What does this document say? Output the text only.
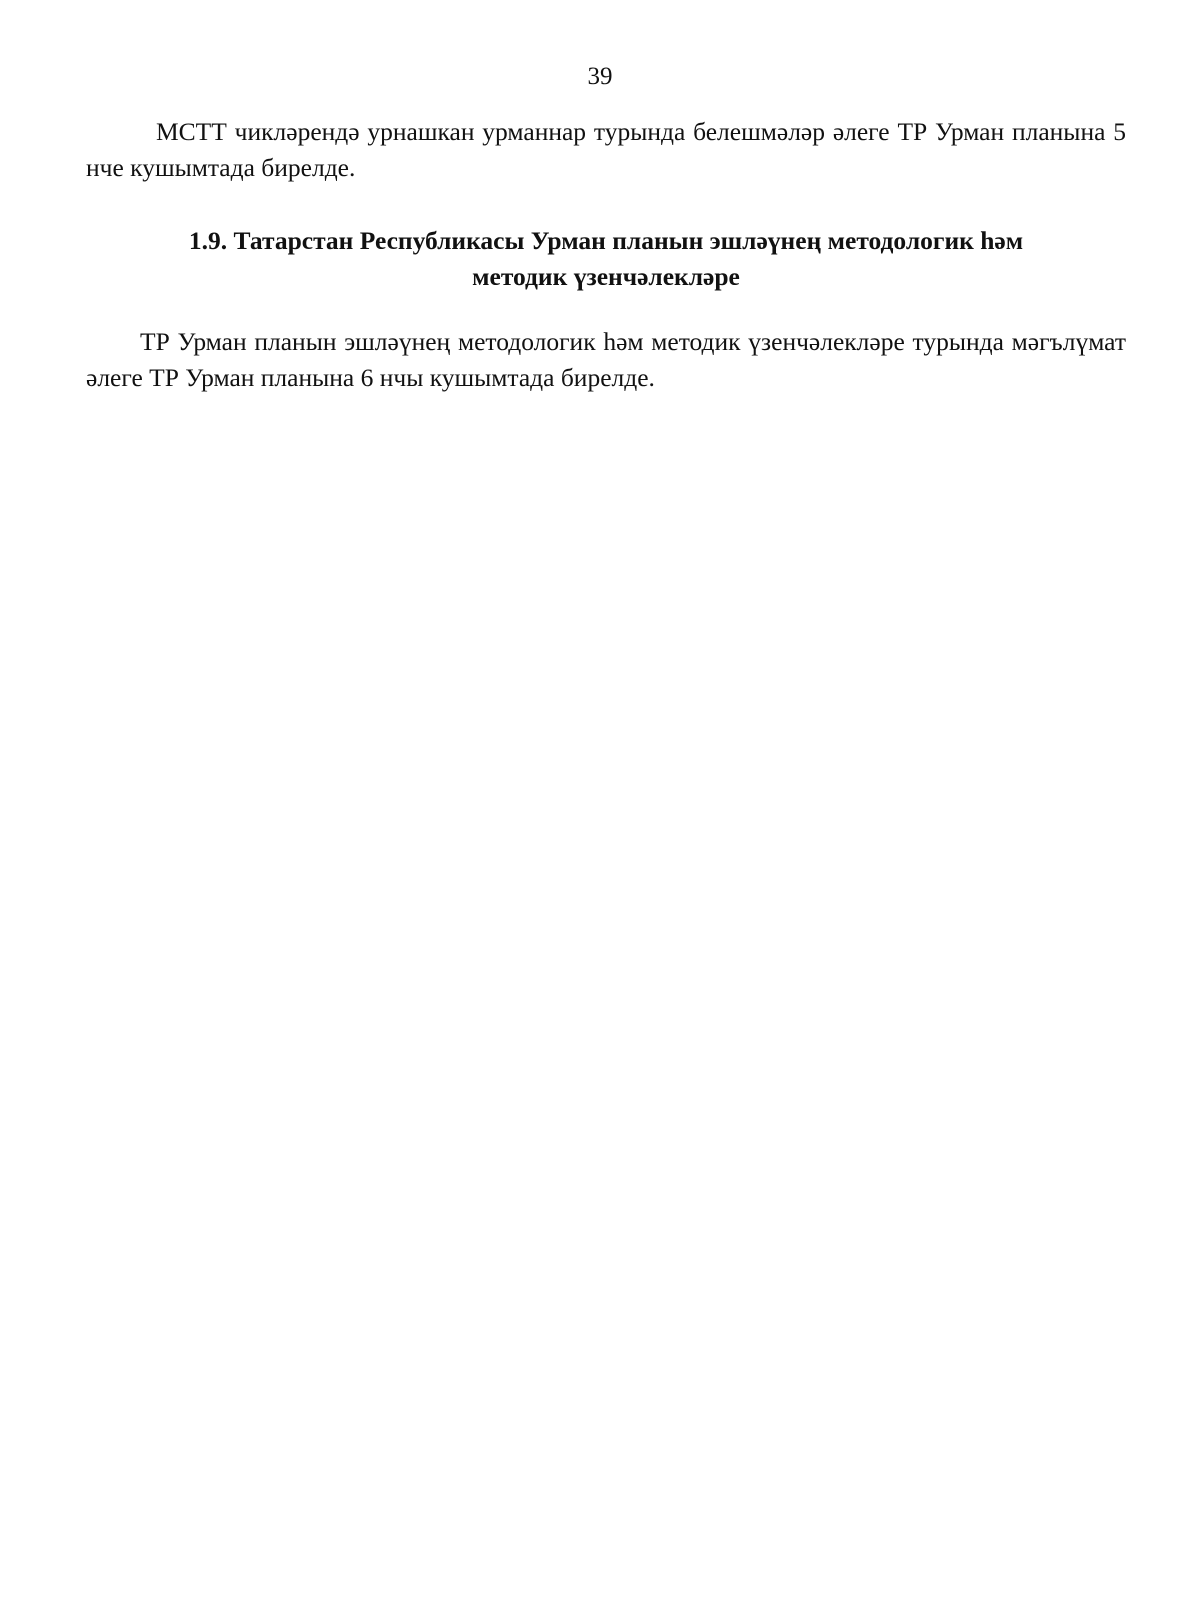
39

МСТТ чикләрендә урнашкан урманнар турында белешмәләр әлеге ТР Урман планына 5 нче кушымтада бирелде.

1.9. Татарстан Республикасы Урман планын эшләүнең методологик һәм
методик үзенчәлекләре

ТР Урман планын эшләүнең методологик һәм методик үзенчәлекләре турында мәгълүмат әлеге ТР Урман планына 6 нчы кушымтада бирелде.
